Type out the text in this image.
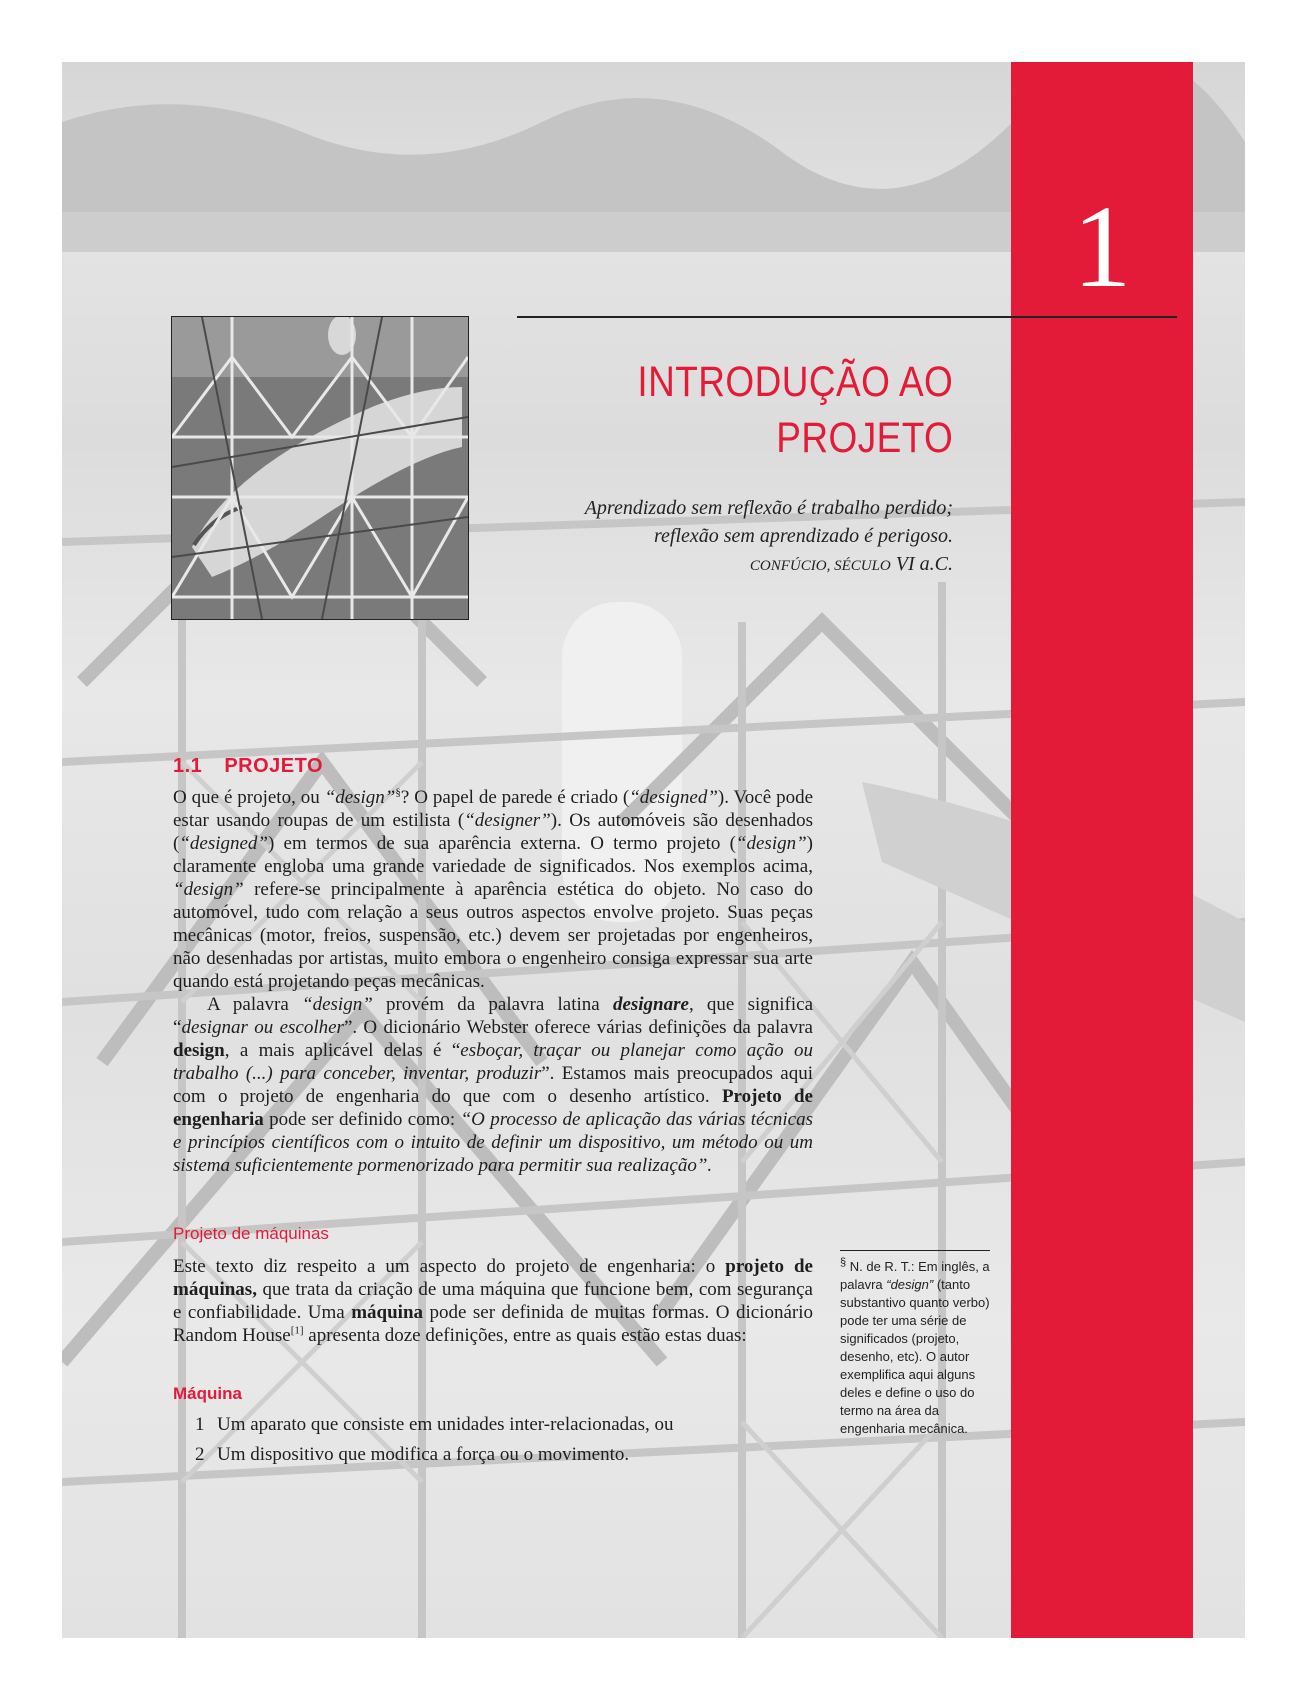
1
INTRODUÇÃO AO
PROJETO
Aprendizado sem reflexão é trabalho perdido;
reflexão sem aprendizado é perigoso.
CONFÚCIO, SÉCULO VI a.C.
1.1 PROJETO

O que é projeto, ou “design”§? O papel de parede é criado (“designed”). Você pode estar usando roupas de um estilista (“designer”). Os automóveis são desenhados (“designed”) em termos de sua aparência externa. O termo projeto (“design”) claramente engloba uma grande variedade de significados. Nos exemplos acima, “design” refere-se principalmente à aparência estética do objeto. No caso do automóvel, tudo com relação a seus outros aspectos envolve projeto. Suas peças mecânicas (motor, freios, suspensão, etc.) devem ser projetadas por engenheiros, não desenhadas por artistas, muito embora o engenheiro consiga expressar sua arte quando está projetando peças mecânicas.

A palavra “design” provém da palavra latina designare, que significa “designar ou escolher”. O dicionário Webster oferece várias definições da palavra design, a mais aplicável delas é “esboçar, traçar ou planejar como ação ou trabalho (...) para conceber, inventar, produzir”. Estamos mais preocupados aqui com o projeto de engenharia do que com o desenho artístico. Projeto de engenharia pode ser definido como: “O processo de aplicação das várias técnicas e princípios científicos com o intuito de definir um dispositivo, um método ou um sistema suficientemente pormenorizado para permitir sua realização”.

Projeto de máquinas

Este texto diz respeito a um aspecto do projeto de engenharia: o projeto de máquinas, que trata da criação de uma máquina que funcione bem, com segurança e confiabilidade. Uma máquina pode ser definida de muitas formas. O dicionário Random House[1] apresenta doze definições, entre as quais estão estas duas:

Máquina
1 Um aparato que consiste em unidades inter-relacionadas, ou
2 Um dispositivo que modifica a força ou o movimento.
§ N. de R. T.: Em inglês, a palavra “design” (tanto substantivo quanto verbo) pode ter uma série de significados (projeto, desenho, etc). O autor exemplifica aqui alguns deles e define o uso do termo na área da engenharia mecânica.
